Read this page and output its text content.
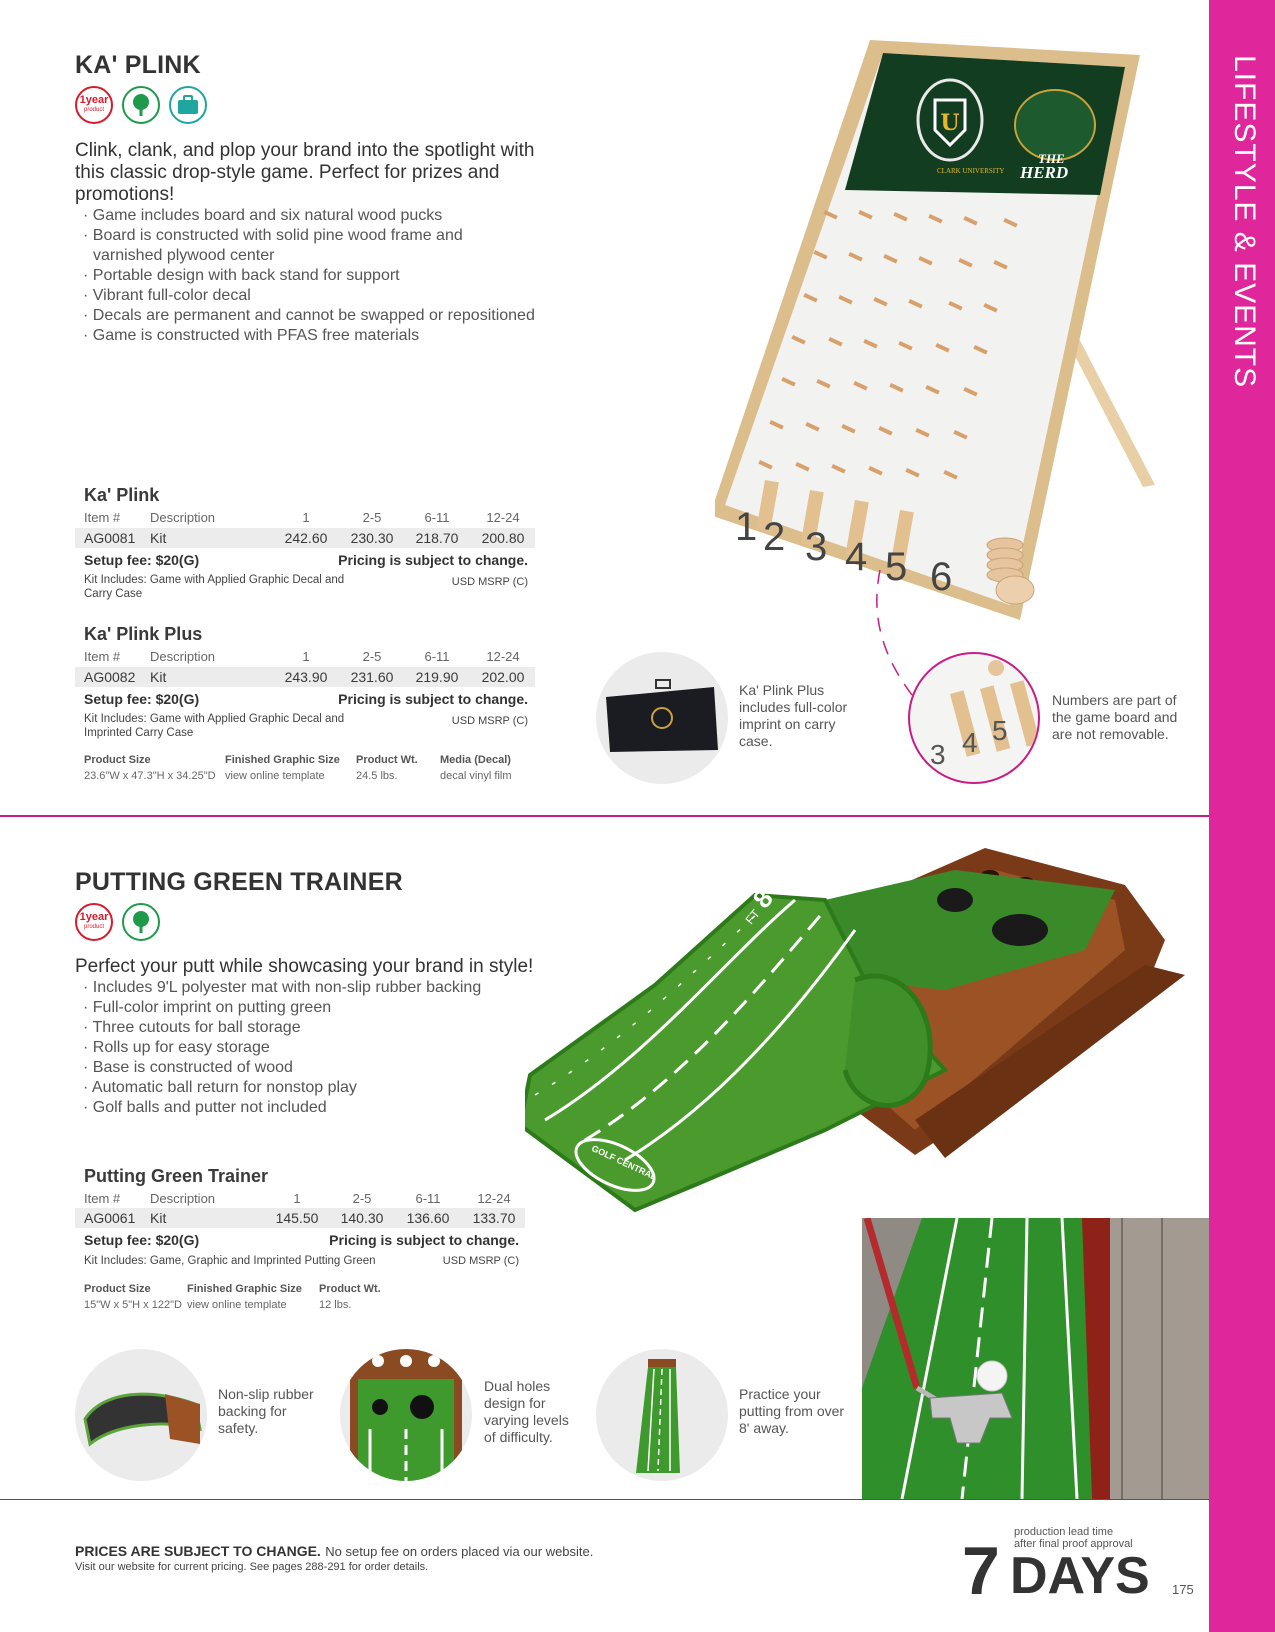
LIFESTYLE & EVENTS
KA' PLINK
1year
product
Clink, clank, and plop your brand into the spotlight with this classic drop-style game. Perfect for prizes and promotions!
· Game includes board and six natural wood pucks
· Board is constructed with solid pine wood frame and
varnished plywood center
· Portable design with back stand for support
· Vibrant full-color decal
· Decals are permanent and cannot be swapped or repositioned
· Game is constructed with PFAS free materials
U
CLARK UNIVERSITY
THE
HERD
1 2 3 4 5 6
Ka' Plink
Item # Description	1	2-5	6-11	12-24
AG0081 Kit	242.60	230.30	218.70	200.80
Setup fee: $20(G)	Pricing is subject to change.
Kit Includes: Game with Applied Graphic Decal and Carry Case
USD MSRP (C)
Ka' Plink Plus
Item # Description	1	2-5	6-11	12-24
AG0082 Kit	243.90	231.60	219.90	202.00
Setup fee: $20(G)	Pricing is subject to change.
Kit Includes: Game with Applied Graphic Decal and Imprinted Carry Case
USD MSRP (C)
Product Size
23.6"W x 47.3"H x 34.25"D
Finished Graphic Size
view online template
Product Wt.
24.5 lbs.
Media (Decal)
decal vinyl film
Ka' Plink Plus includes full-color imprint on carry case.	3 4 5
Numbers are part of the game board and are not removable.
PUTTING GREEN TRAINER
1year
product
Perfect your putt while showcasing your brand in style!
· Includes 9'L polyester mat with non-slip rubber backing
· Full-color imprint on putting green
· Three cutouts for ball storage
· Rolls up for easy storage
· Base is constructed of wood
· Automatic ball return for nonstop play
· Golf balls and putter not included
8
FT
GOLF CENTRAL
Putting Green Trainer
Item # Description	1	2-5	6-11	12-24
AG0061 Kit	145.50	140.30	136.60	133.70
Setup fee: $20(G)	Pricing is subject to change.
Kit Includes: Game, Graphic and Imprinted Putting Green	USD MSRP (C)
Product Size
15"W x 5"H x 122"D
Finished Graphic Size
view online template
Product Wt.
12 lbs.
Non-slip rubber backing for safety.
Dual holes design for varying levels of difficulty.
Practice your putting from over 8' away.
PRICES ARE SUBJECT TO CHANGE. No setup fee on orders placed via our website.
Visit our website for current pricing. See pages 288-291 for order details.
production lead time
after final proof approval
7 DAYS 175
